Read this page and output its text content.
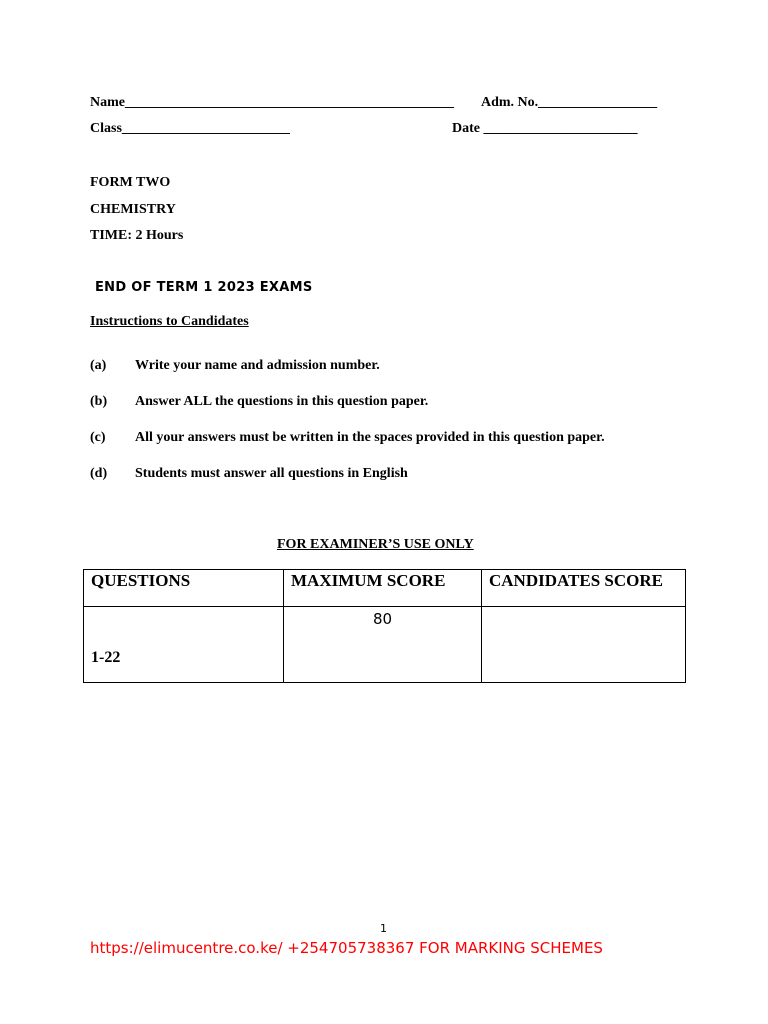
Name_______________________________________________ Adm. No._________________
Class________________________	Date ______________________
FORM TWO
CHEMISTRY
TIME: 2 Hours
END OF TERM 1 2023 EXAMS
Instructions to Candidates
(a) Write your name and admission number.
(b) Answer ALL the questions in this question paper.
(c) All your answers must be written in the spaces provided in this question paper.
(d) Students must answer all questions in English
FOR EXAMINER’S USE ONLY
QUESTIONS	MAXIMUM SCORE	CANDIDATES SCORE

1-22	80	

1
https://elimucentre.co.ke/ +254705738367 FOR MARKING SCHEMES
